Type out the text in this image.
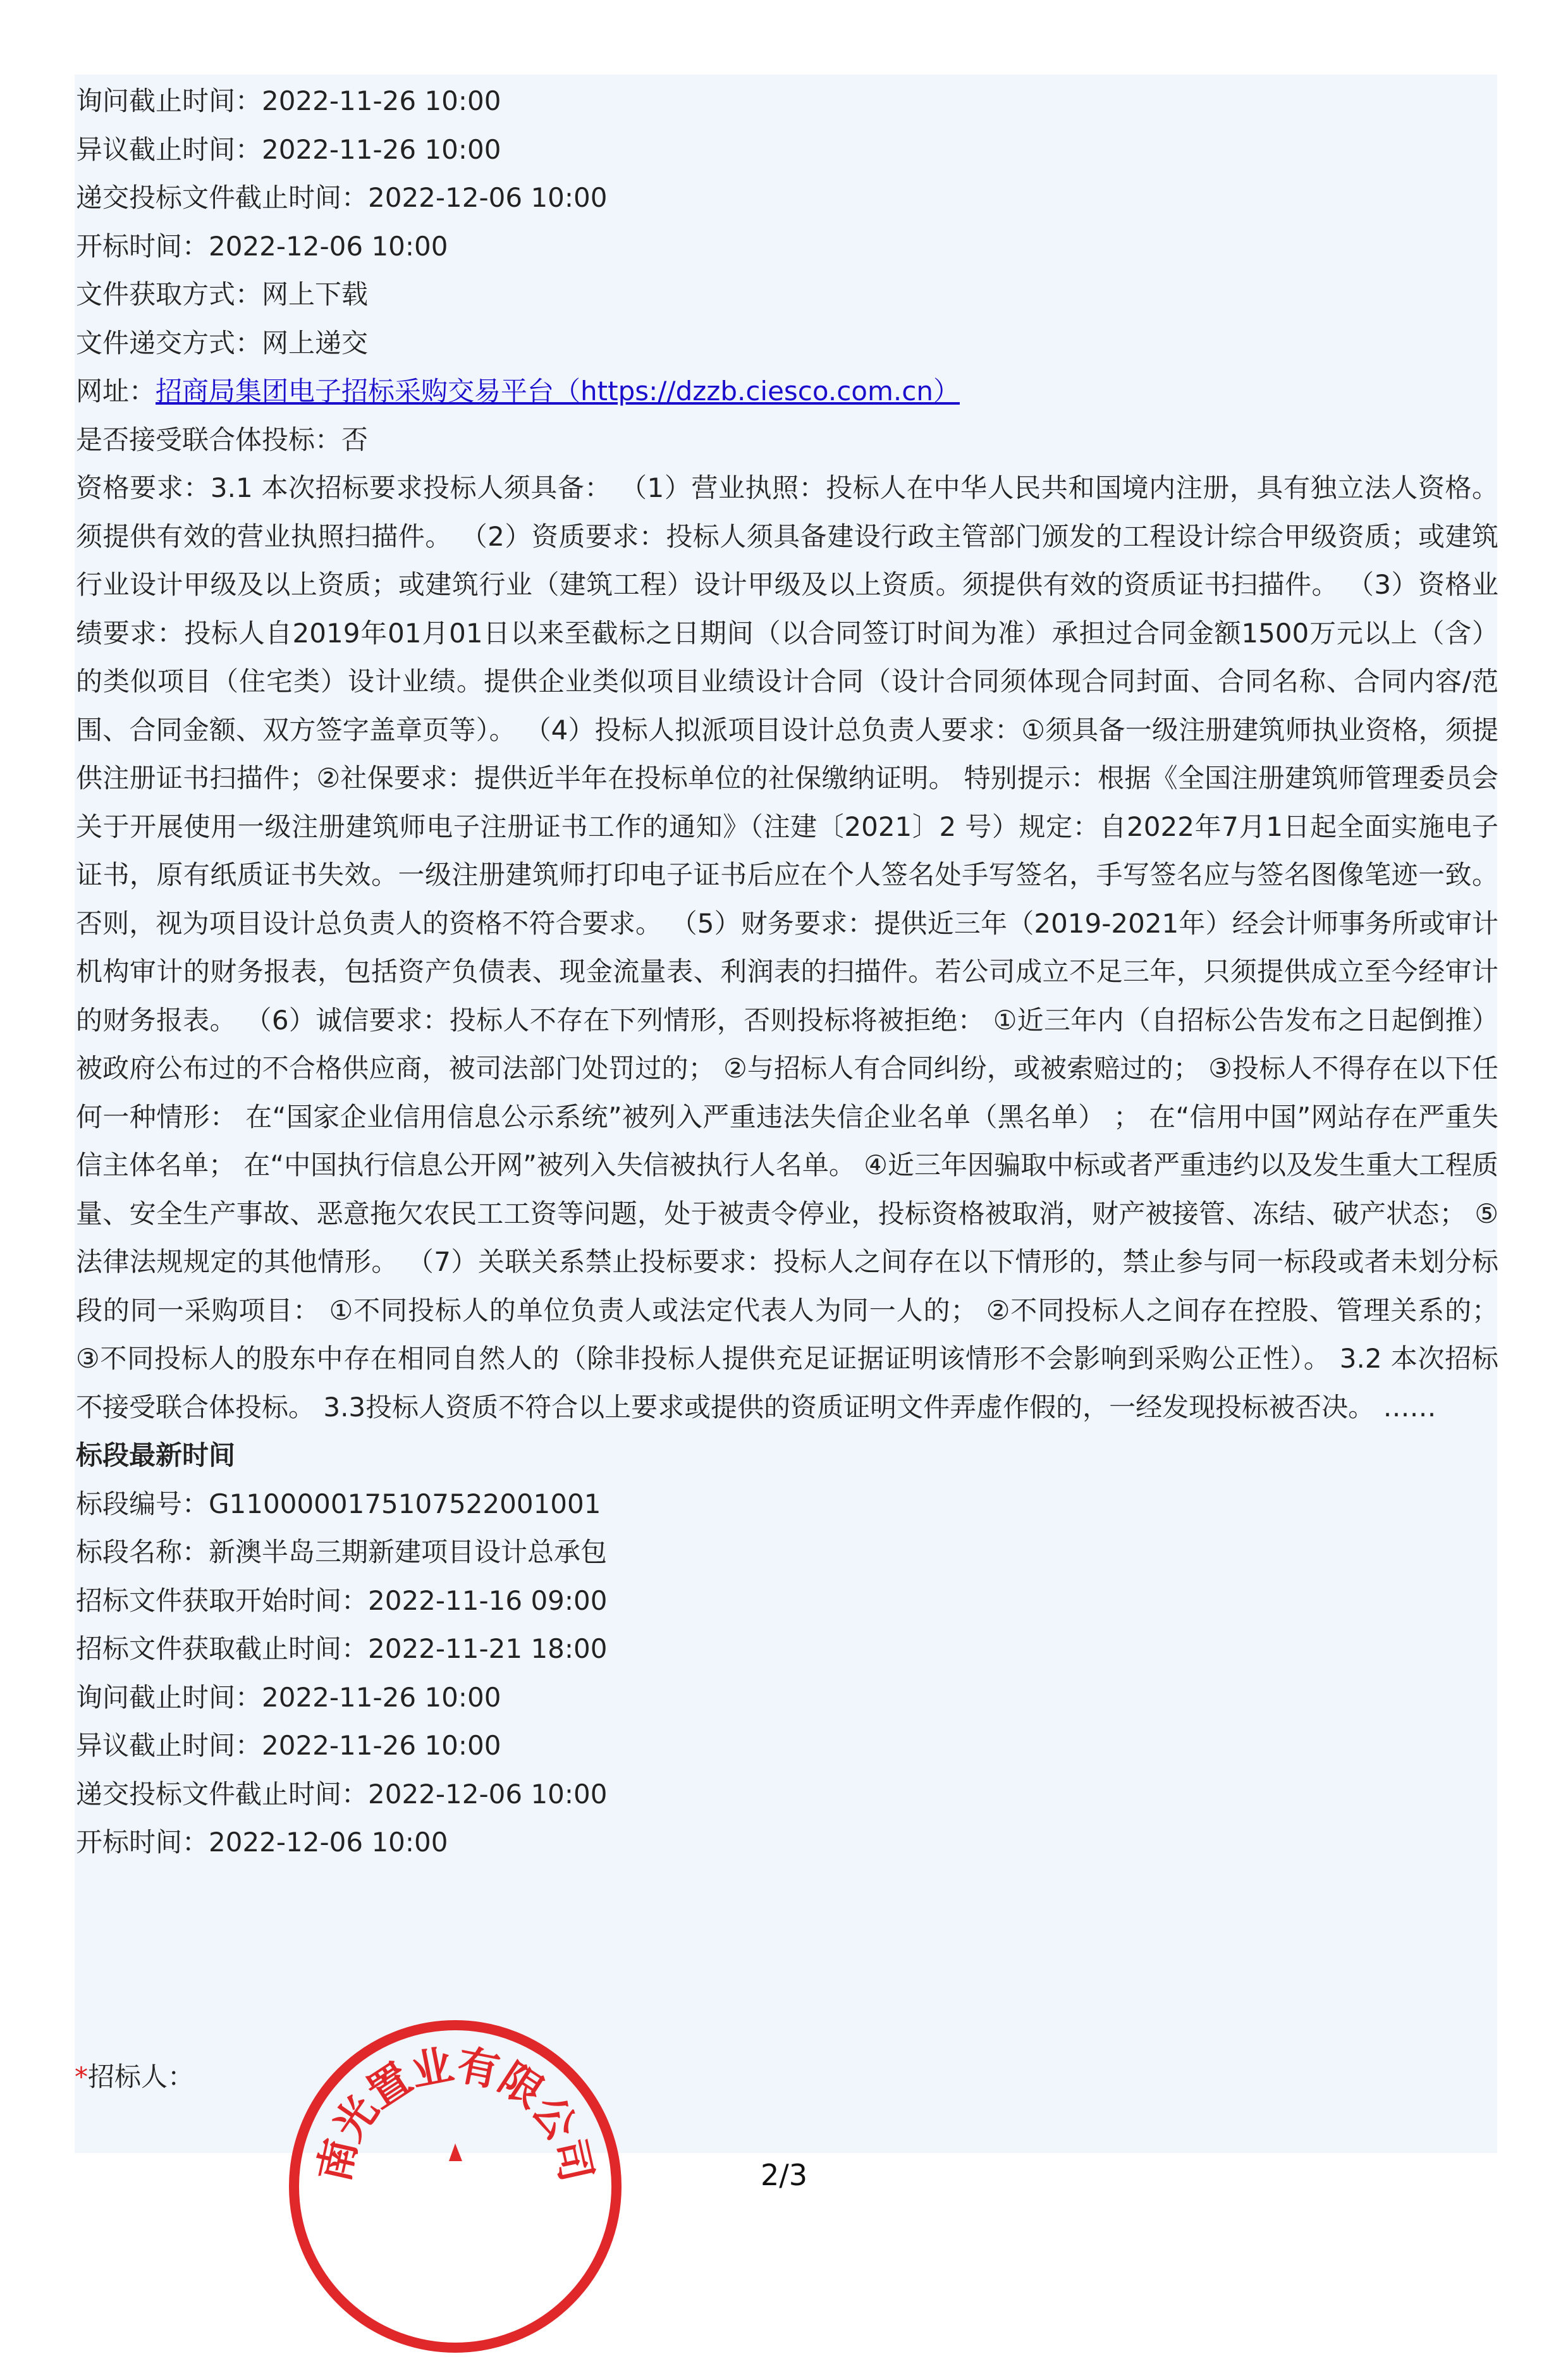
询问截止时间：2022-11-26 10:00
异议截止时间：2022-11-26 10:00
递交投标文件截止时间：2022-12-06 10:00
开标时间：2022-12-06 10:00
文件获取方式：网上下载
文件递交方式：网上递交
网址：招商局集团电子招标采购交易平台（https://dzzb.ciesco.com.cn）
是否接受联合体投标：否
资格要求：3.1 本次招标要求投标人须具备： （1）营业执照：投标人在中华人民共和国境内注册，具有独立法人资格。须提供有效的营业执照扫描件。 （2）资质要求：投标人须具备建设行政主管部门颁发的工程设计综合甲级资质；或建筑行业设计甲级及以上资质；或建筑行业（建筑工程）设计甲级及以上资质。须提供有效的资质证书扫描件。 （3）资格业绩要求：投标人自2019年01月01日以来至截标之日期间（以合同签订时间为准）承担过合同金额1500万元以上（含）的类似项目（住宅类）设计业绩。提供企业类似项目业绩设计合同（设计合同须体现合同封面、合同名称、合同内容/范围、合同金额、双方签字盖章页等）。 （4）投标人拟派项目设计总负责人要求：①须具备一级注册建筑师执业资格，须提供注册证书扫描件；②社保要求：提供近半年在投标单位的社保缴纳证明。 特别提示：根据《全国注册建筑师管理委员会关于开展使用一级注册建筑师电子注册证书工作的通知》（注建〔2021〕2 号）规定：自2022年7月1日起全面实施电子证书，原有纸质证书失效。一级注册建筑师打印电子证书后应在个人签名处手写签名，手写签名应与签名图像笔迹一致。否则，视为项目设计总负责人的资格不符合要求。 （5）财务要求：提供近三年（2019-2021年）经会计师事务所或审计机构审计的财务报表，包括资产负债表、现金流量表、利润表的扫描件。若公司成立不足三年，只须提供成立至今经审计的财务报表。 （6）诚信要求：投标人不存在下列情形，否则投标将被拒绝： ①近三年内（自招标公告发布之日起倒推）被政府公布过的不合格供应商，被司法部门处罚过的； ②与招标人有合同纠纷，或被索赔过的； ③投标人不得存在以下任何一种情形： 在“国家企业信用信息公示系统”被列入严重违法失信企业名单（黑名单） ； 在“信用中国”网站存在严重失信主体名单； 在“中国执行信息公开网”被列入失信被执行人名单。 ④近三年因骗取中标或者严重违约以及发生重大工程质量、安全生产事故、恶意拖欠农民工工资等问题，处于被责令停业，投标资格被取消，财产被接管、冻结、破产状态； ⑤法律法规规定的其他情形。 （7）关联关系禁止投标要求：投标人之间存在以下情形的，禁止参与同一标段或者未划分标段的同一采购项目： ①不同投标人的单位负责人或法定代表人为同一人的； ②不同投标人之间存在控股、管理关系的； ③不同投标人的股东中存在相同自然人的（除非投标人提供充足证据证明该情形不会影响到采购公正性）。 3.2 本次招标不接受联合体投标。 3.3投标人资质不符合以上要求或提供的资质证明文件弄虚作假的，一经发现投标被否决。 ……
标段最新时间
标段编号：G1100000175107522001001
标段名称：新澳半岛三期新建项目设计总承包
招标文件获取开始时间：2022-11-16 09:00
招标文件获取截止时间：2022-11-21 18:00
询问截止时间：2022-11-26 10:00
异议截止时间：2022-11-26 10:00
递交投标文件截止时间：2022-12-06 10:00
开标时间：2022-12-06 10:00
*招标人：
南光置业有限公司	2/3
